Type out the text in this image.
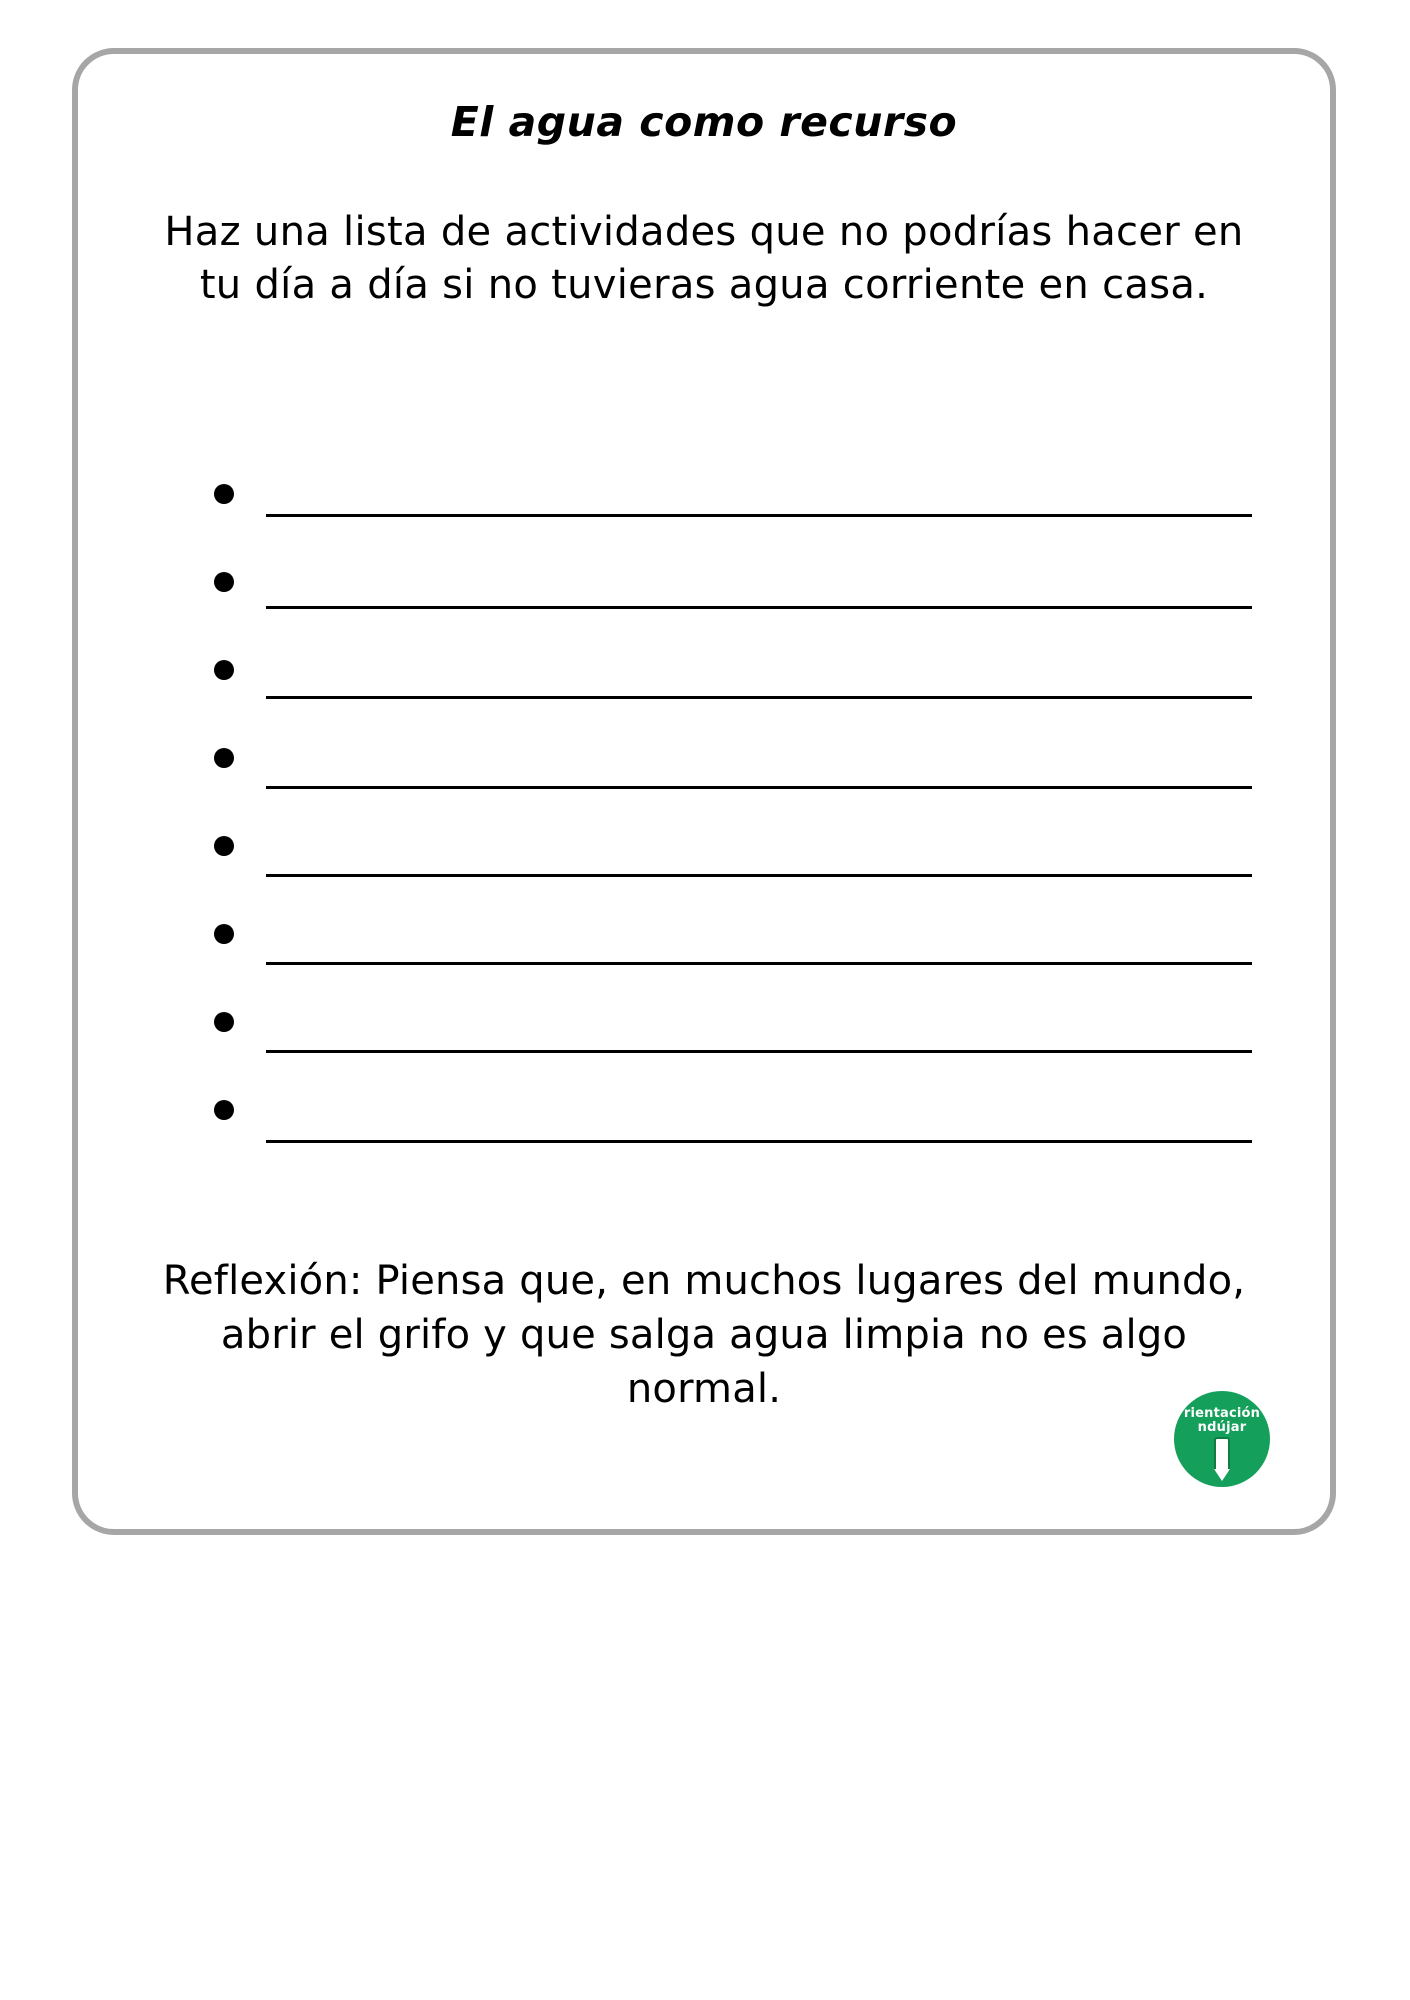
El agua como recurso

Haz una lista de actividades que no podrías hacer en tu día a día si no tuvieras agua corriente en casa.

Reflexión: Piensa que, en muchos lugares del mundo, abrir el grifo y que salga agua limpia no es algo normal.

rientación
ndújar
